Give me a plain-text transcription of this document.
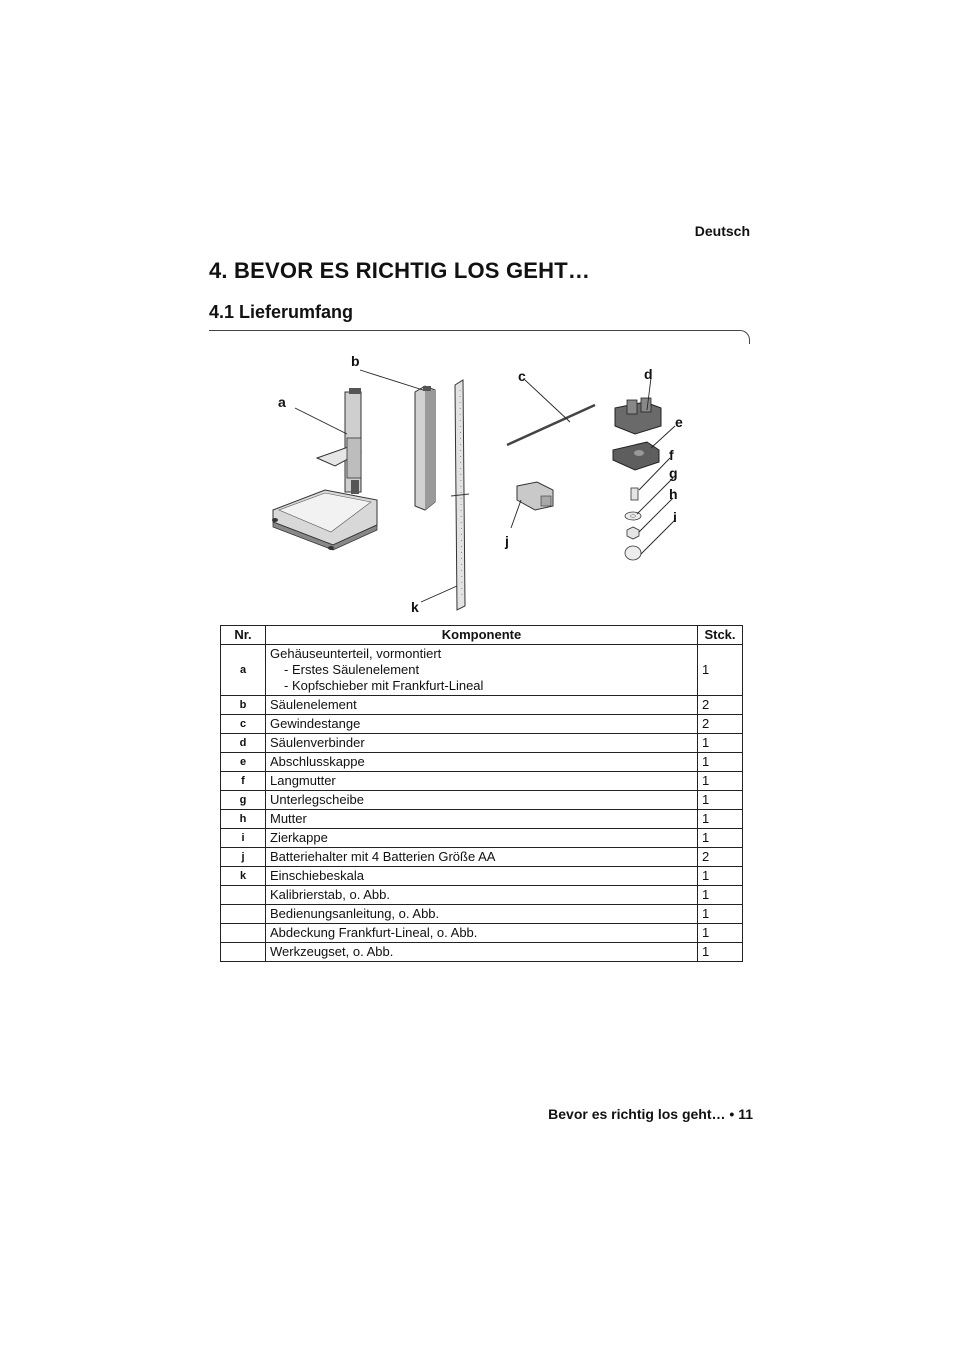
Deutsch
4. BEVOR ES RICHTIG LOS GEHT…
4.1 Lieferumfang
a
b
c	d
e
f
g
h
i
j
k
Nr.	Komponente	Stck.
a	Gehäuseunterteil, vormontiert
- Erstes Säulenelement
- Kopfschieber mit Frankfurt-Lineal	1
b	Säulenelement	2
c	Gewindestange	2
d	Säulenverbinder	1
e	Abschlusskappe	1
f	Langmutter	1
g	Unterlegscheibe	1
h	Mutter	1
i	Zierkappe	1
j	Batteriehalter mit 4 Batterien Größe AA	2
k	Einschiebeskala	1
	Kalibrierstab, o. Abb.	1
	Bedienungsanleitung, o. Abb.	1
	Abdeckung Frankfurt-Lineal, o. Abb.	1
	Werkzeugset, o. Abb.	1
Bevor es richtig los geht… • 11
